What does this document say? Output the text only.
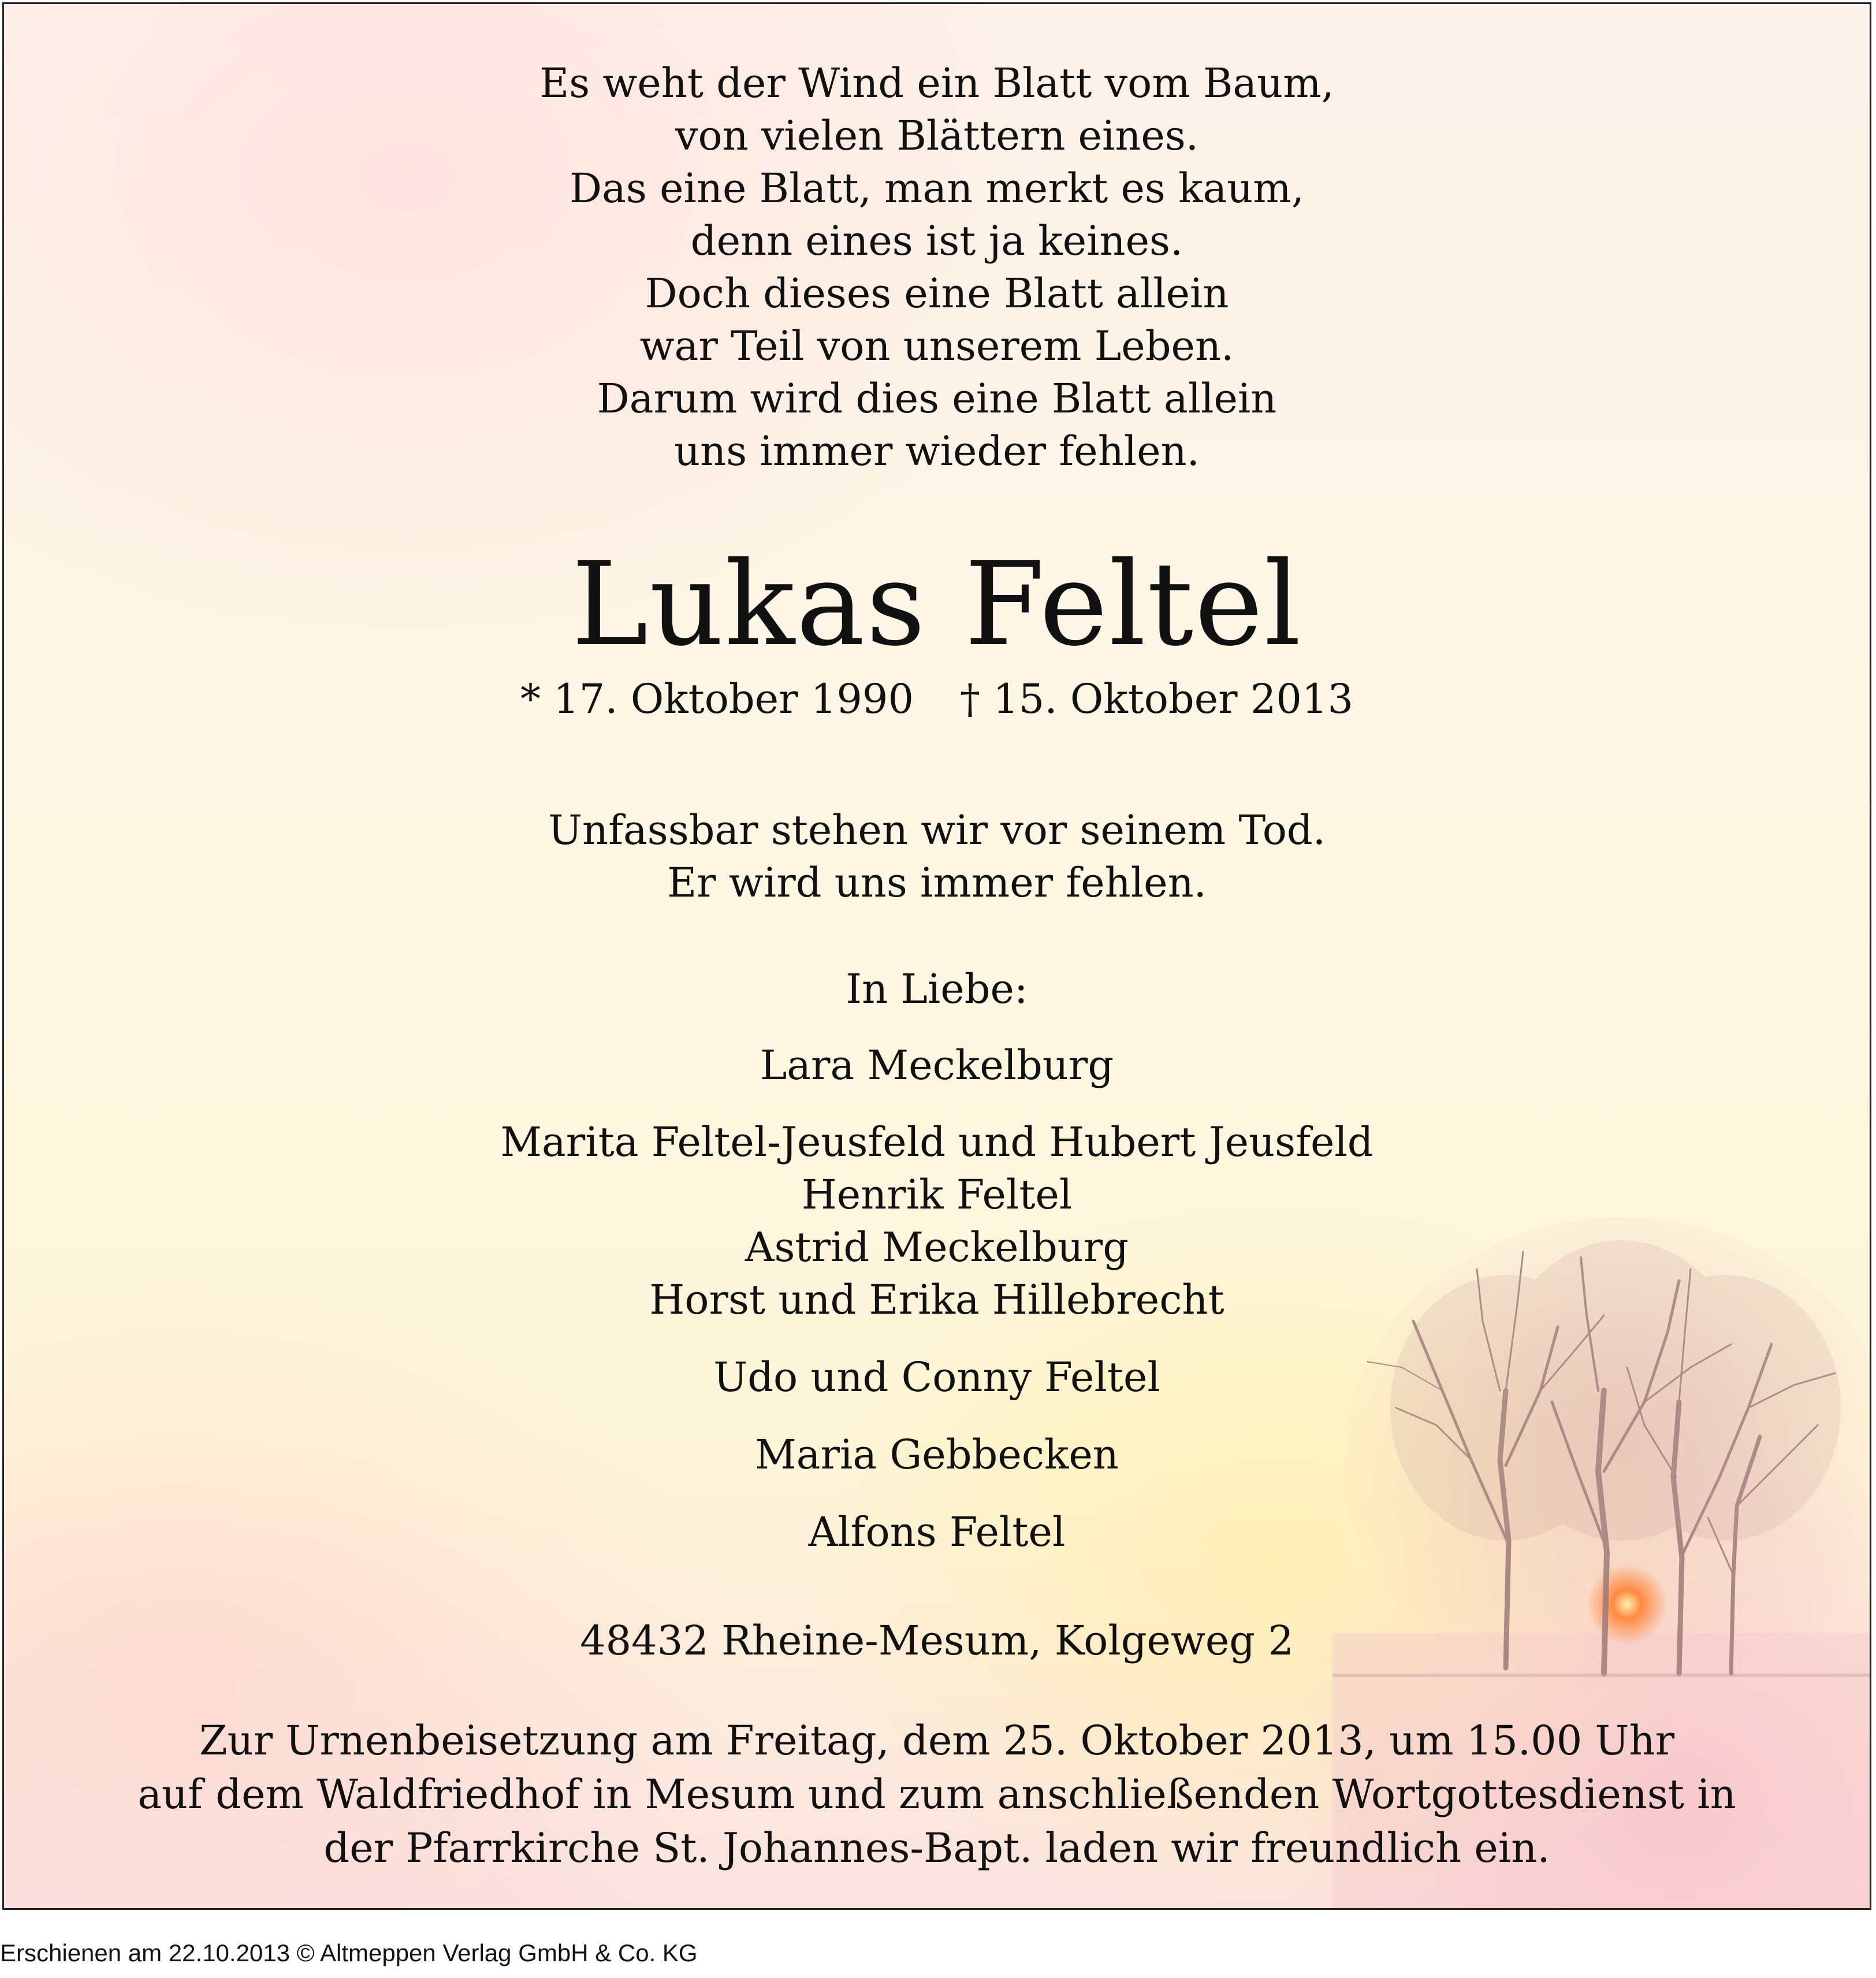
Es weht der Wind ein Blatt vom Baum,
von vielen Blättern eines.
Das eine Blatt, man merkt es kaum,
denn eines ist ja keines.
Doch dieses eine Blatt allein
war Teil von unserem Leben.
Darum wird dies eine Blatt allein
uns immer wieder fehlen.
Lukas Feltel
* 17. Oktober 1990 † 15. Oktober 2013
Unfassbar stehen wir vor seinem Tod.
Er wird uns immer fehlen.
In Liebe:
Lara Meckelburg
Marita Feltel-Jeusfeld und Hubert Jeusfeld
Henrik Feltel
Astrid Meckelburg
Horst und Erika Hillebrecht
Udo und Conny Feltel
Maria Gebbecken
Alfons Feltel
48432 Rheine-Mesum, Kolgeweg 2
Zur Urnenbeisetzung am Freitag, dem 25. Oktober 2013, um 15.00 Uhr
auf dem Waldfriedhof in Mesum und zum anschließenden Wortgottesdienst in
der Pfarrkirche St. Johannes-Bapt. laden wir freundlich ein.
Erschienen am 22.10.2013 © Altmeppen Verlag GmbH & Co. KG
